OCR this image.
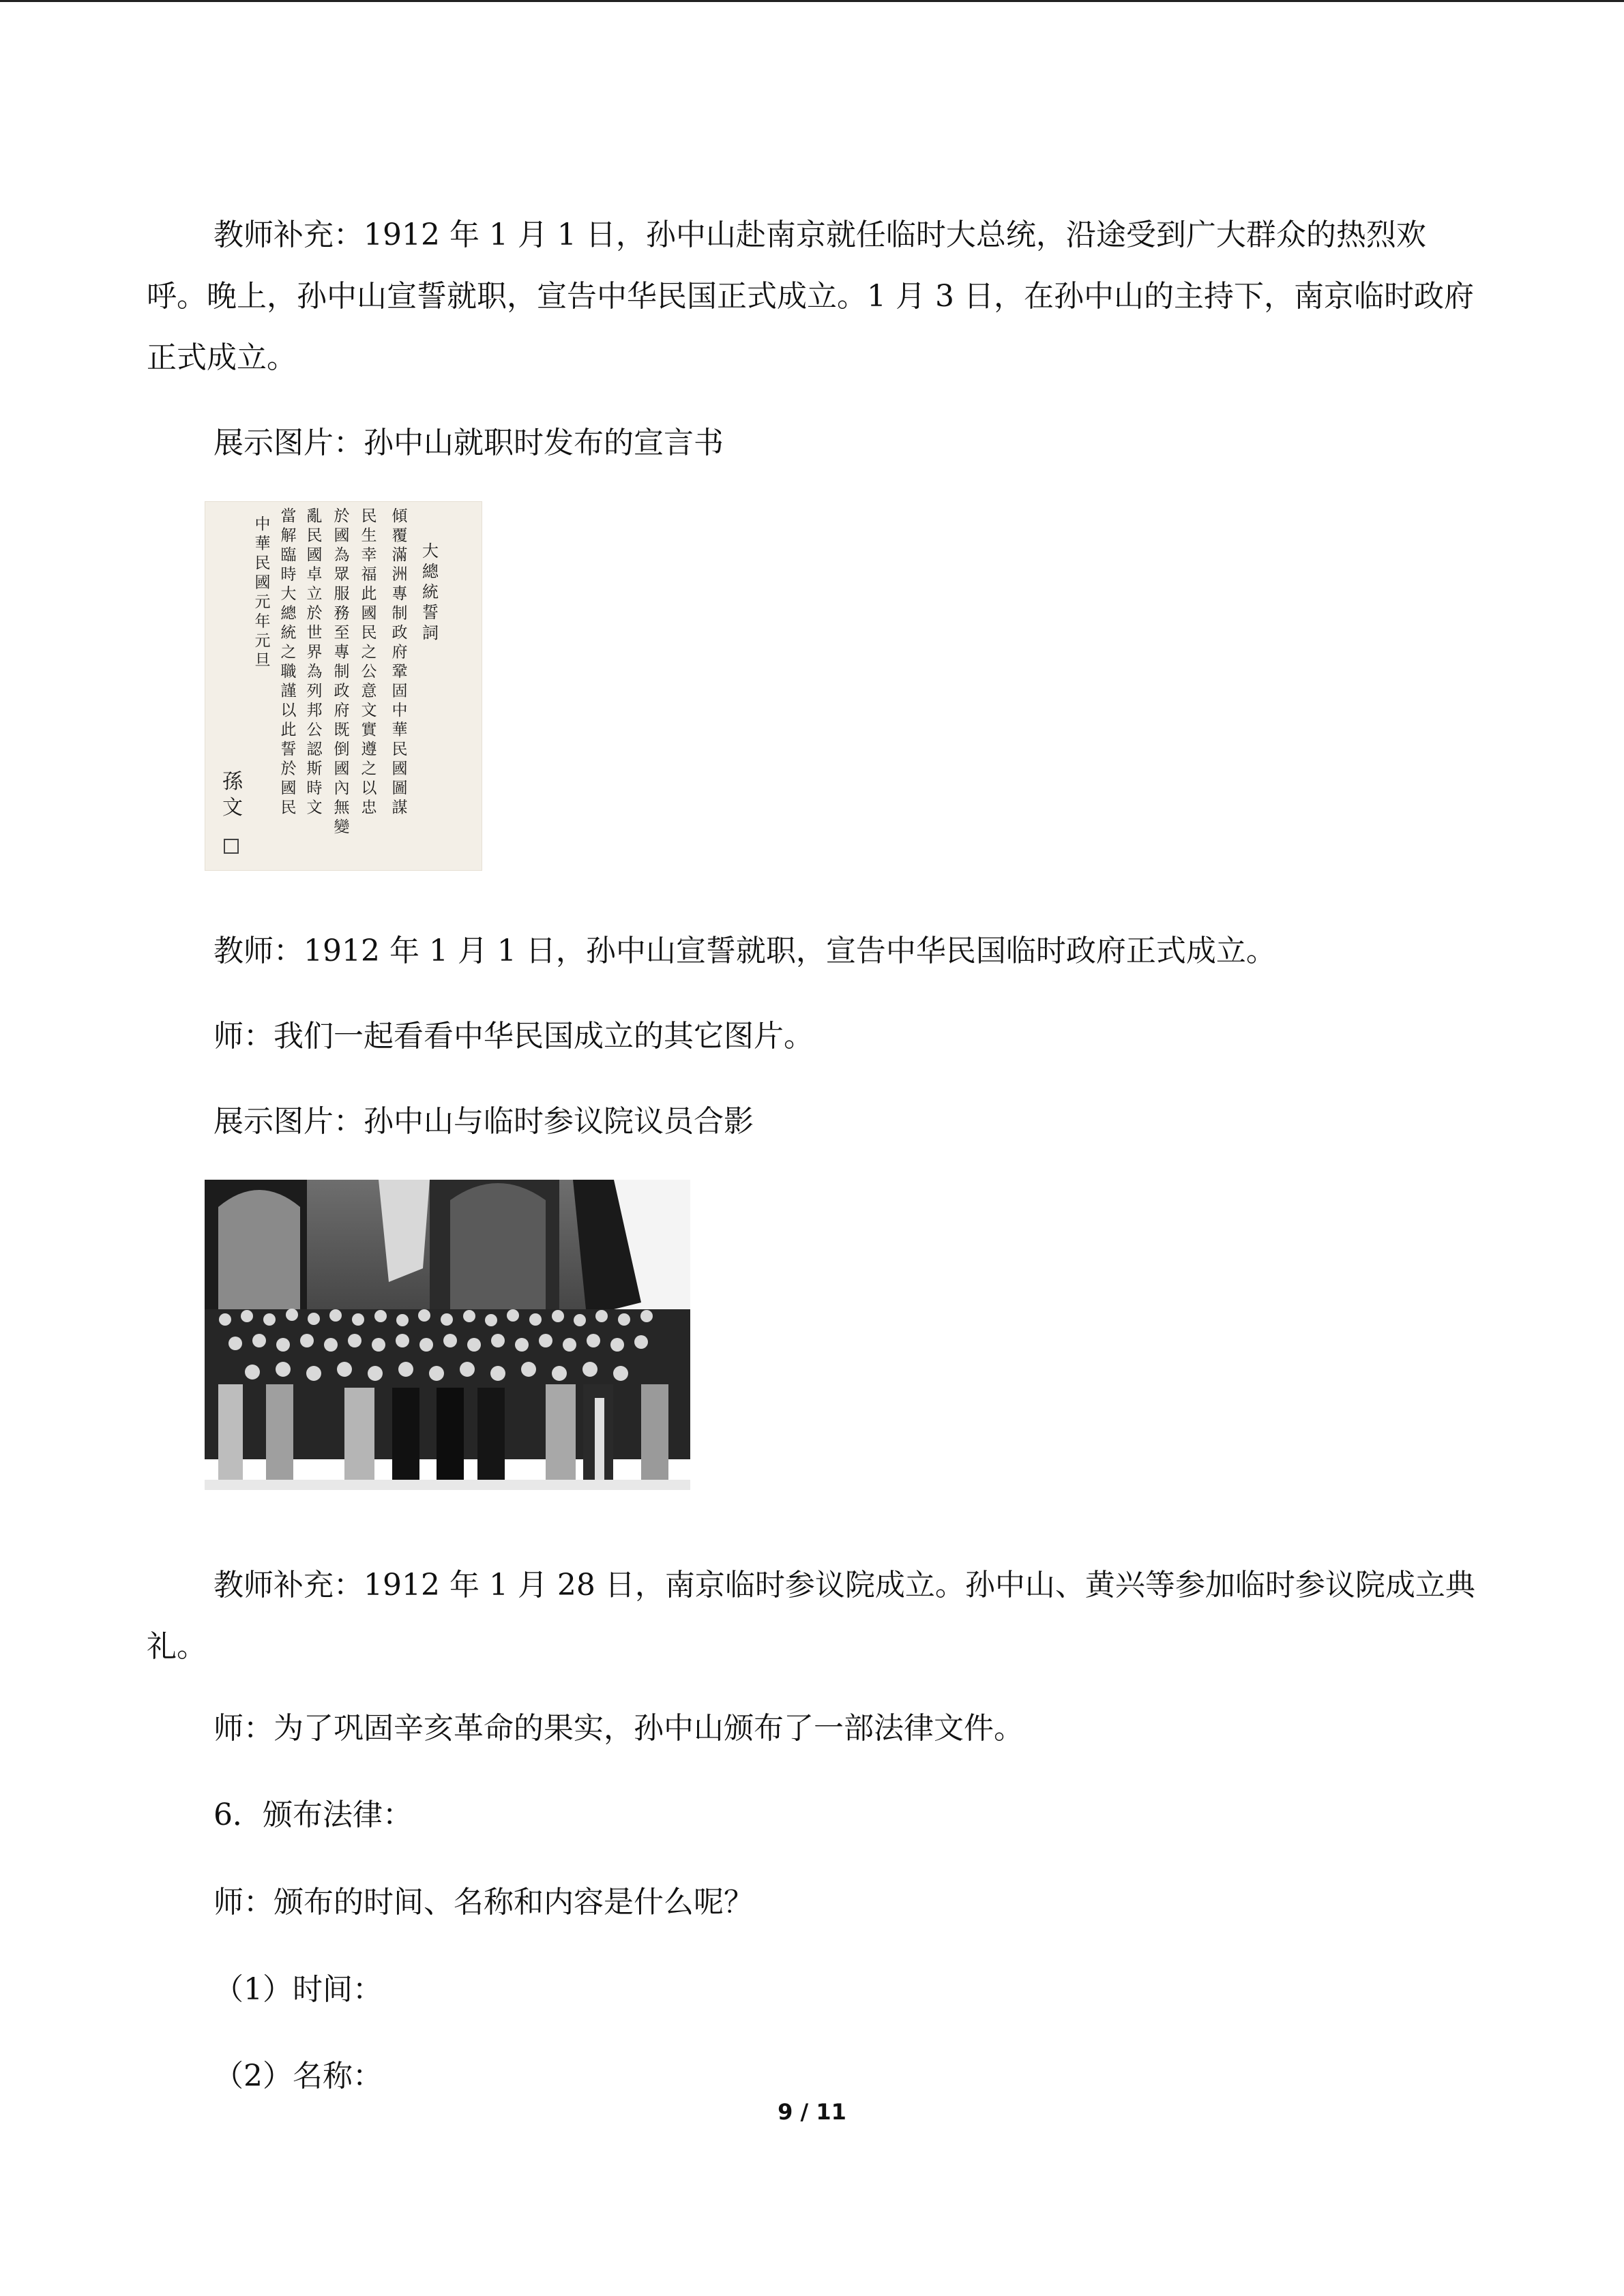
教师补充：1912 年 1 月 1 日，孙中山赴南京就任临时大总统，沿途受到广大群众的热烈欢呼。晚上，孙中山宣誓就职，宣告中华民国正式成立。1 月 3 日，在孙中山的主持下，南京临时政府正式成立。

展示图片：孙中山就职时发布的宣言书

大
總
統
誓
詞
傾
覆
滿
洲
專
制
政
府
鞏
固
中
華
民
國
圖
謀
民
生
幸
福
此
國
民
之
公
意
文
實
遵
之
以
忠
於
國
為
眾
服
務
至
專
制
政
府
既
倒
國
內
無
變
亂
民
國
卓
立
於
世
界
為
列
邦
公
認
斯
時
文
當
解
臨
時
大
總
統
之
職
謹
以
此
誓
於
國
民
中
華
民
國
元
年
元
旦
孫
文

教师：1912 年 1 月 1 日，孙中山宣誓就职，宣告中华民国临时政府正式成立。

师：我们一起看看中华民国成立的其它图片。

展示图片：孙中山与临时参议院议员合影

教师补充：1912 年 1 月 28 日，南京临时参议院成立。孙中山、黄兴等参加临时参议院成立典礼。

师：为了巩固辛亥革命的果实，孙中山颁布了一部法律文件。

6．颁布法律：

师：颁布的时间、名称和内容是什么呢？

（1）时间：

（2）名称：

9 / 11
